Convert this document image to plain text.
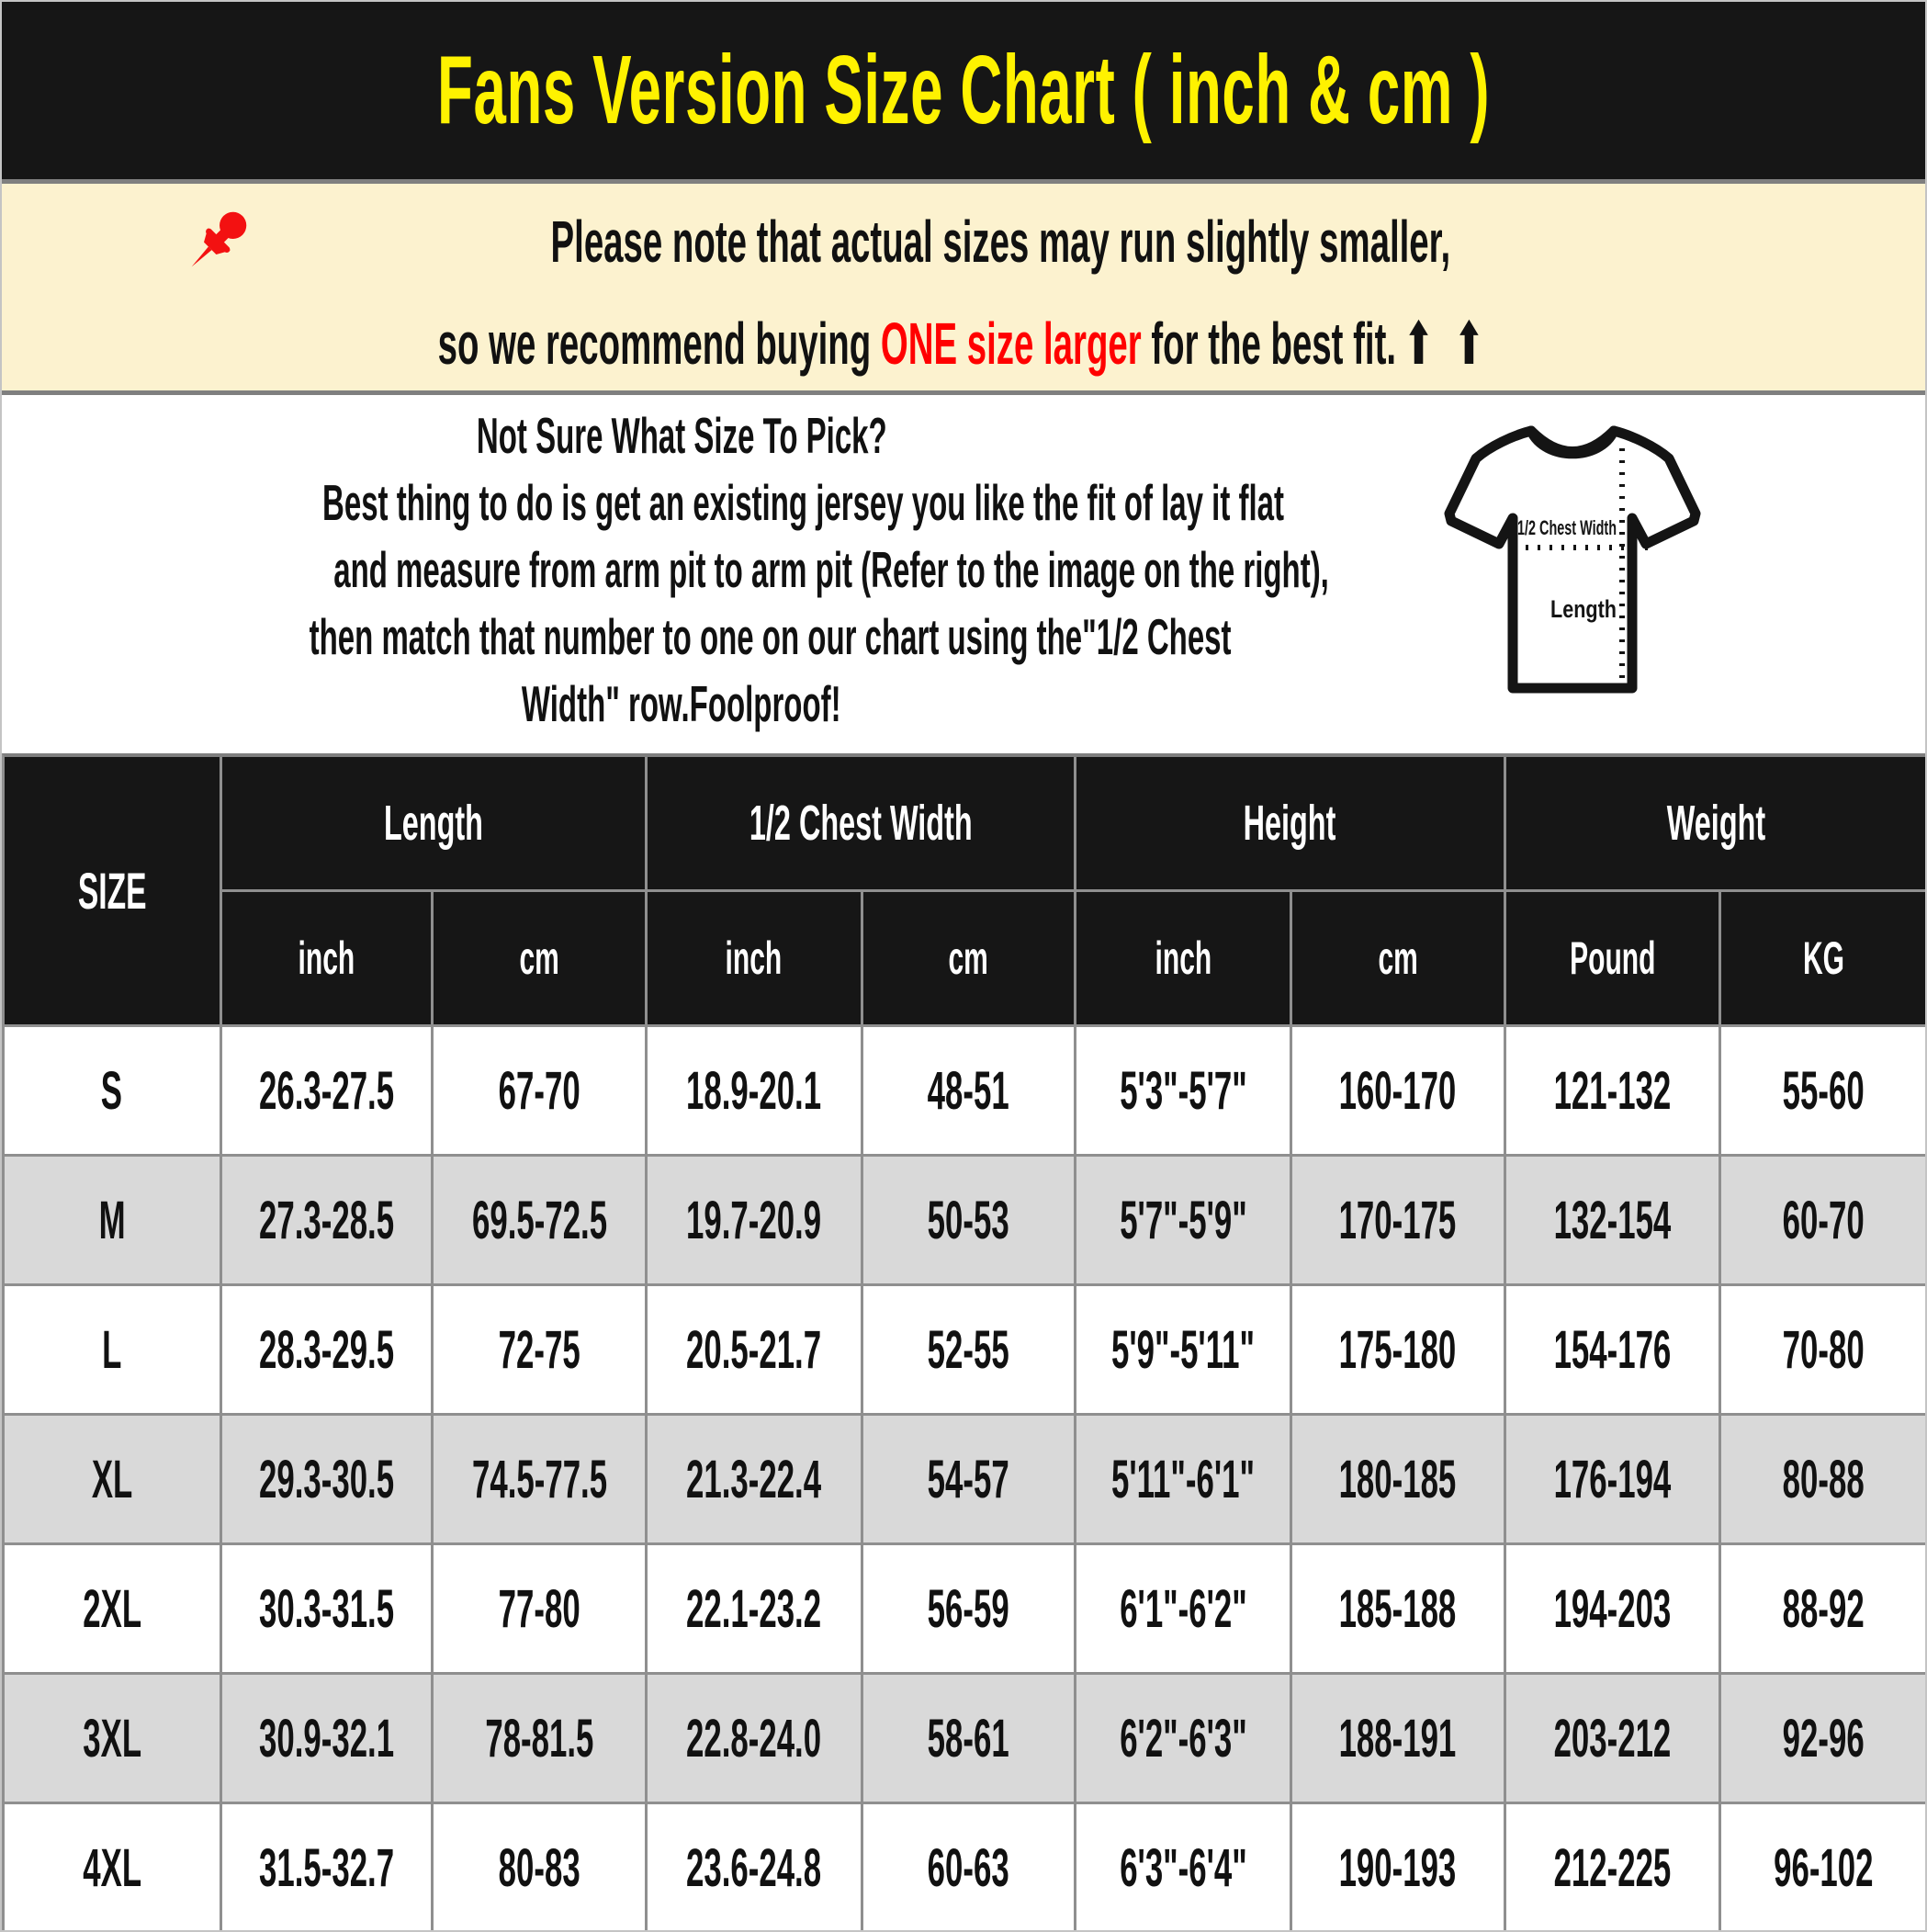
Fans Version Size Chart ( inch & cm )
Please note that actual sizes may run slightly smaller,
so we recommend buying ONE size larger for the best fit. ⬆ ⬆
Not Sure What Size To Pick?
Best thing to do is get an existing jersey you like the fit of lay it flat
and measure from arm pit to arm pit (Refer to the image on the right),
then match that number to one on our chart using the"1/2 Chest
Width" row.Foolproof!
1/2 Chest Width
Length
SIZE
Length	1/2 Chest Width	Height	Weight
inch	cm	inch	cm	inch	cm	Pound	KG
S	26.3-27.5 67-70 18.9-20.1 48-51 5'3"-5'7" 160-170 121-132 55-60
M	27.3-28.5 69.5-72.5 19.7-20.9 50-53 5'7"-5'9" 170-175 132-154 60-70
L	28.3-29.5 72-75 20.5-21.7 52-55 5'9"-5'11" 175-180 154-176 70-80
XL 29.3-30.5 74.5-77.5 21.3-22.4 54-57 5'11"-6'1" 180-185 176-194 80-88
2XL 30.3-31.5 77-80 22.1-23.2 56-59 6'1"-6'2" 185-188 194-203 88-92
3XL 30.9-32.1 78-81.5 22.8-24.0 58-61 6'2"-6'3" 188-191 203-212 92-96
4XL 31.5-32.7 80-83 23.6-24.8 60-63 6'3"-6'4" 190-193 212-225 96-102
